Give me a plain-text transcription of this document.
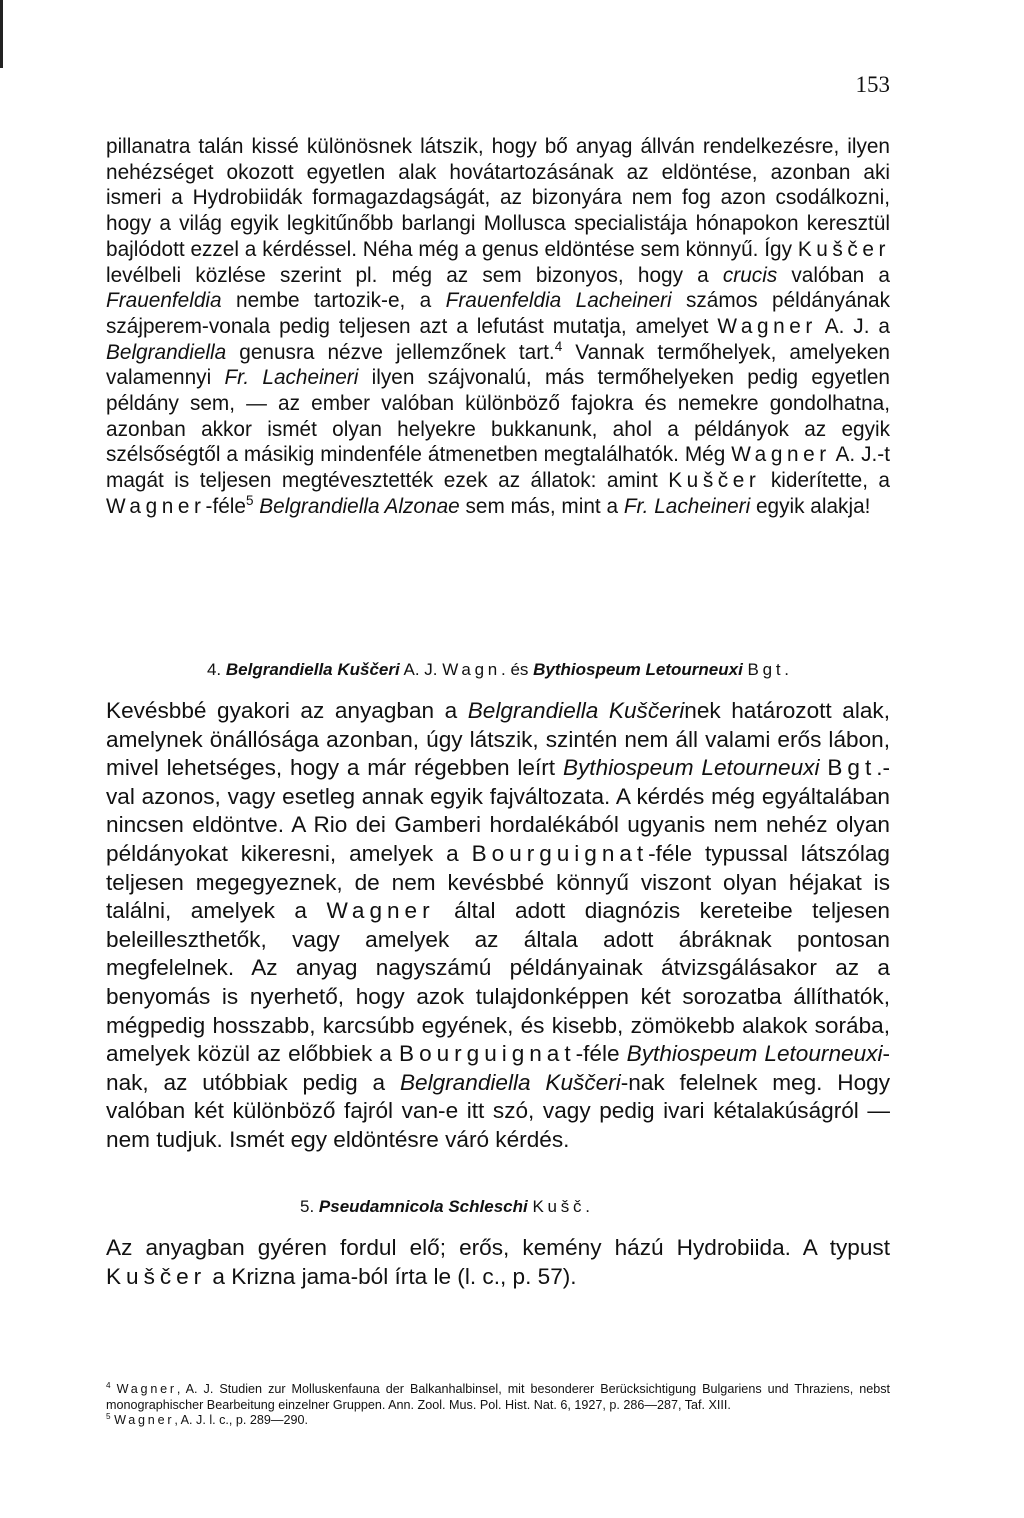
153

pillanatra talán kissé különösnek látszik, hogy bő anyag állván rendelkezésre, ilyen nehézséget okozott egyetlen alak hovátartozásának az eldöntése, azonban aki ismeri a Hydrobiidák formagazdagságát, az bizonyára nem fog azon csodálkozni, hogy a világ egyik legkitűnőbb barlangi Mollusca specialistája hónapokon keresztül bajlódott ezzel a kérdéssel. Néha még a genus eldöntése sem könnyű. Így Kuščer levélbeli közlése szerint pl. még az sem bizonyos, hogy a crucis valóban a Frauenfeldia nembe tartozik-e, a Frauenfeldia Lacheineri számos példányának szájperem-vonala pedig teljesen azt a lefutást mutatja, amelyet Wagner A. J. a Belgrandiella genusra nézve jellemzőnek tart.$^4$ Vannak termőhelyek, amelyeken valamennyi Fr. Lacheineri ilyen szájvonalú, más termőhelyeken pedig egyetlen példány sem, — az ember valóban különböző fajokra és nemekre gondolhatna, azonban akkor ismét olyan helyekre bukkanunk, ahol a példányok az egyik szélsőségtől a másikig mindenféle átmenetben megtalálhatók. Még Wagner A. J.-t magát is teljesen megtévesztették ezek az állatok: amint Kuščer kiderítette, a Wagner-féle$^5$ Belgrandiella Alzonae sem más, mint a Fr. Lacheineri egyik alakja!

4. Belgrandiella Kuščeri A. J. Wagn. és Bythiospeum Letourneuxi Bgt.

Kevésbbé gyakori az anyagban a Belgrandiella Kuščerinek határozott alak, amelynek önállósága azonban, úgy látszik, szintén nem áll valami erős lábon, mivel lehetséges, hogy a már régebben leírt Bythiospeum Letourneuxi Bgt.-val azonos, vagy esetleg annak egyik fajváltozata. A kérdés még egyáltalában nincsen eldöntve. A Rio dei Gamberi hordalékából ugyanis nem nehéz olyan példányokat kikeresni, amelyek a Bourguignat-féle typussal látszólag teljesen megegyeznek, de nem kevésbbé könnyű viszont olyan héjakat is találni, amelyek a Wagner által adott diagnózis kereteibe teljesen beleilleszthetők, vagy amelyek az általa adott ábráknak pontosan megfelelnek. Az anyag nagyszámú példányainak átvizsgálásakor az a benyomás is nyerhető, hogy azok tulajdonképpen két sorozatba állíthatók, mégpedig hosszabb, karcsúbb egyének, és kisebb, zömökebb alakok sorába, amelyek közül az előbbiek a Bourguignat-féle Bythiospeum Letourneuxi-nak, az utóbbiak pedig a Belgrandiella Kuščeri-nak felelnek meg. Hogy valóban két különböző fajról van-e itt szó, vagy pedig ivari kétalakúságról — nem tudjuk. Ismét egy eldöntésre váró kérdés.

5. Pseudamnicola Schleschi Kušč.

Az anyagban gyéren fordul elő; erős, kemény házú Hydrobiida. A typust Kuščer a Krizna jama-ból írta le (l. c., p. 57).

$^4$ Wagner, A. J. Studien zur Molluskenfauna der Balkanhalbinsel, mit besonderer Berücksichtigung Bulgariens und Thraziens, nebst monographischer Bearbeitung einzelner Gruppen. Ann. Zool. Mus. Pol. Hist. Nat. 6, 1927, p. 286—287, Taf. XIII.

$^5$ Wagner, A. J. l. c., p. 289—290.
